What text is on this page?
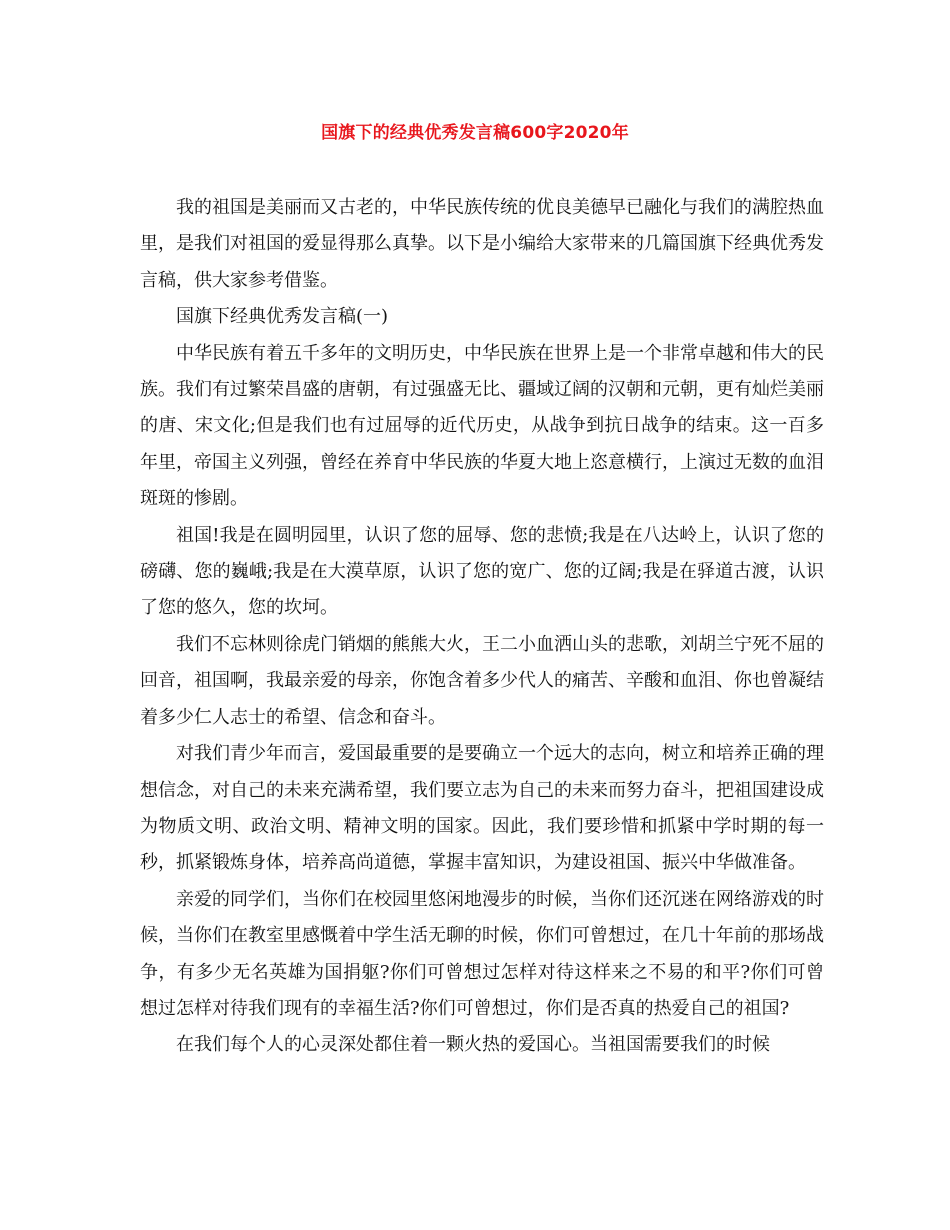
国旗下的经典优秀发言稿600字2020年

我的祖国是美丽而又古老的，中华民族传统的优良美德早已融化与我们的满腔热血里，是我们对祖国的爱显得那么真挚。以下是小编给大家带来的几篇国旗下经典优秀发言稿，供大家参考借鉴。

国旗下经典优秀发言稿(一)

中华民族有着五千多年的文明历史，中华民族在世界上是一个非常卓越和伟大的民族。我们有过繁荣昌盛的唐朝，有过强盛无比、疆域辽阔的汉朝和元朝，更有灿烂美丽的唐、宋文化;但是我们也有过屈辱的近代历史，从战争到抗日战争的结束。这一百多年里，帝国主义列强，曾经在养育中华民族的华夏大地上恣意横行，上演过无数的血泪斑斑的惨剧。

祖国!我是在圆明园里，认识了您的屈辱、您的悲愤;我是在八达岭上，认识了您的磅礴、您的巍峨;我是在大漠草原，认识了您的宽广、您的辽阔;我是在驿道古渡，认识了您的悠久，您的坎坷。

我们不忘林则徐虎门销烟的熊熊大火，王二小血洒山头的悲歌，刘胡兰宁死不屈的回音，祖国啊，我最亲爱的母亲，你饱含着多少代人的痛苦、辛酸和血泪、你也曾凝结着多少仁人志士的希望、信念和奋斗。

对我们青少年而言，爱国最重要的是要确立一个远大的志向，树立和培养正确的理想信念，对自己的未来充满希望，我们要立志为自己的未来而努力奋斗，把祖国建设成为物质文明、政治文明、精神文明的国家。因此，我们要珍惜和抓紧中学时期的每一秒，抓紧锻炼身体，培养高尚道德，掌握丰富知识，为建设祖国、振兴中华做准备。

亲爱的同学们，当你们在校园里悠闲地漫步的时候，当你们还沉迷在网络游戏的时候，当你们在教室里感慨着中学生活无聊的时候，你们可曾想过，在几十年前的那场战争，有多少无名英雄为国捐躯?你们可曾想过怎样对待这样来之不易的和平?你们可曾想过怎样对待我们现有的幸福生活?你们可曾想过，你们是否真的热爱自己的祖国?

在我们每个人的心灵深处都住着一颗火热的爱国心。当祖国需要我们的时候
